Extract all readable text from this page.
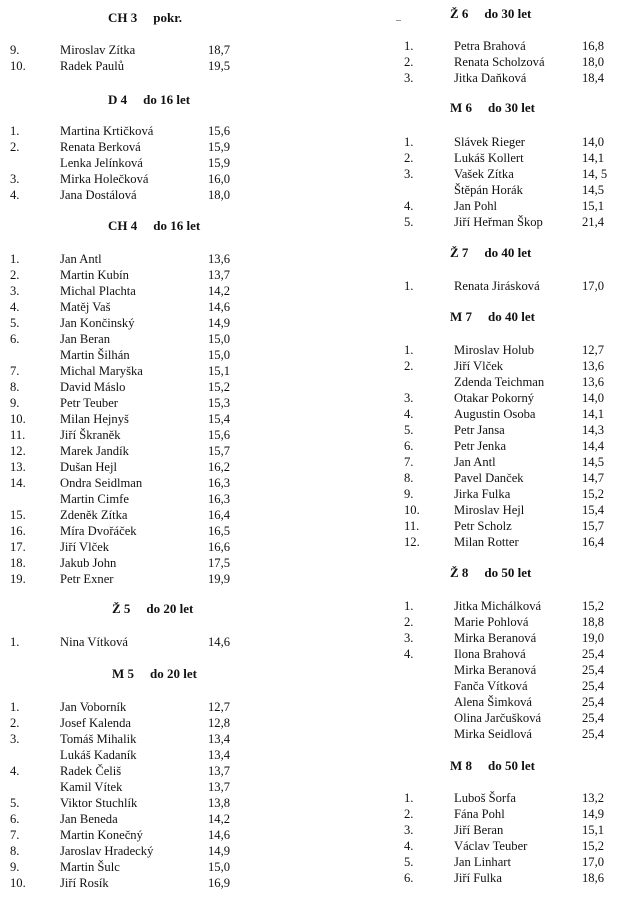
CH 3 pokr.
9.	Miroslav Zítka	18,7
10.	Radek Paulů	19,5
D 4 do 16 let
1.	Martina Krtičková	15,6
2.	Renata Berková	15,9
Lenka Jelínková	15,9
3.	Mirka Holečková	16,0
4.	Jana Dostálová	18,0
CH 4 do 16 let
1.	Jan Antl	13,6
2.	Martin Kubín	13,7
3.	Michal Plachta	14,2
4.	Matěj Vaš	14,6
5.	Jan Končinský	14,9
6.	Jan Beran	15,0
Martin Šilhán	15,0
7.	Michal Maryška	15,1
8.	David Máslo	15,2
9.	Petr Teuber	15,3
10.	Milan Hejnyš	15,4
11.	Jiří Škraněk	15,6
12.	Marek Jandík	15,7
13.	Dušan Hejl	16,2
14.	Ondra Seidlman	16,3
Martin Cimfe	16,3
15.	Zdeněk Zítka	16,4
16.	Míra Dvořáček	16,5
17.	Jiří Vlček	16,6
18.	Jakub John	17,5
19.	Petr Exner	19,9
Ž 5 do 20 let
1.	Nina Vítková	14,6
M 5 do 20 let
1.	Jan Voborník	12,7
2.	Josef Kalenda	12,8
3.	Tomáš Mihalik	13,4
Lukáš Kadaník	13,4
4.	Radek Čeliš	13,7
Kamil Vítek	13,7
5.	Viktor Stuchlík	13,8
6.	Jan Beneda	14,2
7.	Martin Konečný	14,6
8.	Jaroslav Hradecký	14,9
9.	Martin Šulc	15,0
10.	Jiří Rosík	16,9
Ž 6 do 30 let
1.	Petra Brahová	16,8
2.	Renata Scholzová	18,0
3.	Jitka Daňková	18,4
M 6 do 30 let
1.	Slávek Rieger	14,0
2.	Lukáš Kollert	14,1
3.	Vašek Zítka	14, 5
Štěpán Horák	14,5
4.	Jan Pohl	15,1
5.	Jiří Heřman Škop	21,4
Ž 7 do 40 let
1.	Renata Jirásková	17,0
M 7 do 40 let
1.	Miroslav Holub	12,7
2.	Jiří Vlček	13,6
Zdenda Teichman	13,6
3.	Otakar Pokorný	14,0
4.	Augustin Osoba	14,1
5.	Petr Jansa	14,3
6.	Petr Jenka	14,4
7.	Jan Antl	14,5
8.	Pavel Danček	14,7
9.	Jirka Fulka	15,2
10.	Miroslav Hejl	15,4
11.	Petr Scholz	15,7
12.	Milan Rotter	16,4
Ž 8 do 50 let
1.	Jitka Michálková	15,2
2.	Marie Pohlová	18,8
3.	Mirka Beranová	19,0
4.	Ilona Brahová	25,4
Mirka Beranová	25,4
Fanča Vítková	25,4
Alena Šimková	25,4
Olina Jarčušková	25,4
Mirka Seidlová	25,4
M 8 do 50 let
1.	Luboš Šorfa	13,2
2.	Fána Pohl	14,9
3.	Jiří Beran	15,1
4.	Václav Teuber	15,2
5.	Jan Linhart	17,0
6.	Jiří Fulka	18,6
